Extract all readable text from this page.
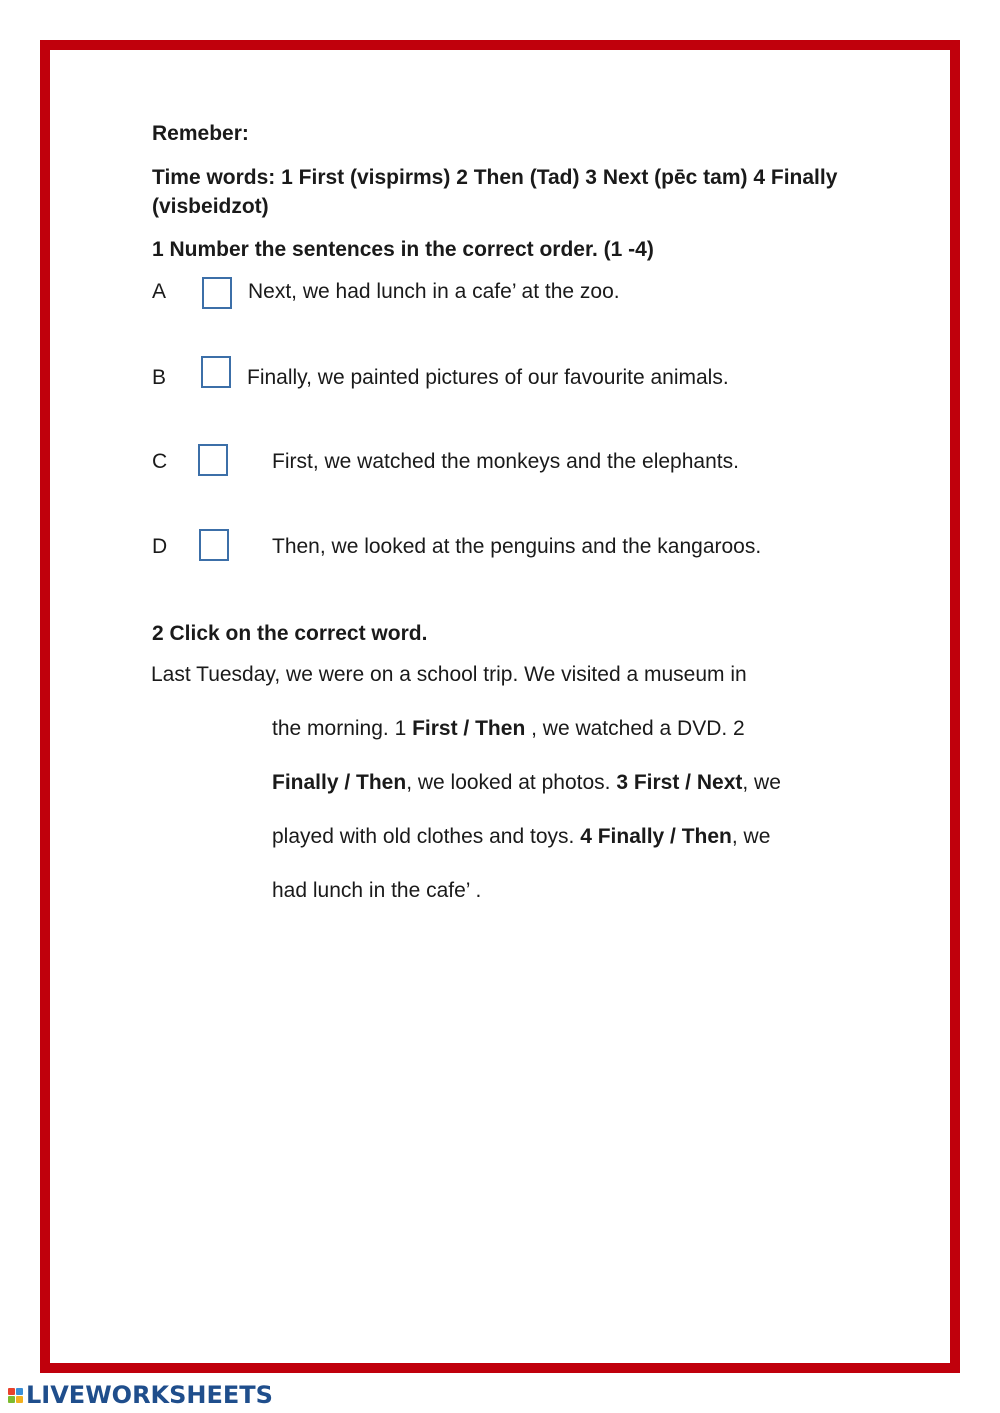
Remeber:
Time words: 1 First (vispirms) 2 Then (Tad) 3 Next (pēc tam) 4 Finally (visbeidzot)
1 Number the sentences in the correct order. (1 -4)
A	Next, we had lunch in a cafe’ at the zoo.
B	Finally, we painted pictures of our favourite animals.
C	First, we watched the monkeys and the elephants.
D	Then, we looked at the penguins and the kangaroos.
2 Click on the correct word.
Last Tuesday, we were on a school trip. We visited a museum in
the morning. 1 First / Then , we watched a DVD. 2
Finally / Then, we looked at photos. 3 First / Next, we
played with old clothes and toys. 4 Finally / Then, we
had lunch in the cafe’ .
LIVEWORKSHEETS
